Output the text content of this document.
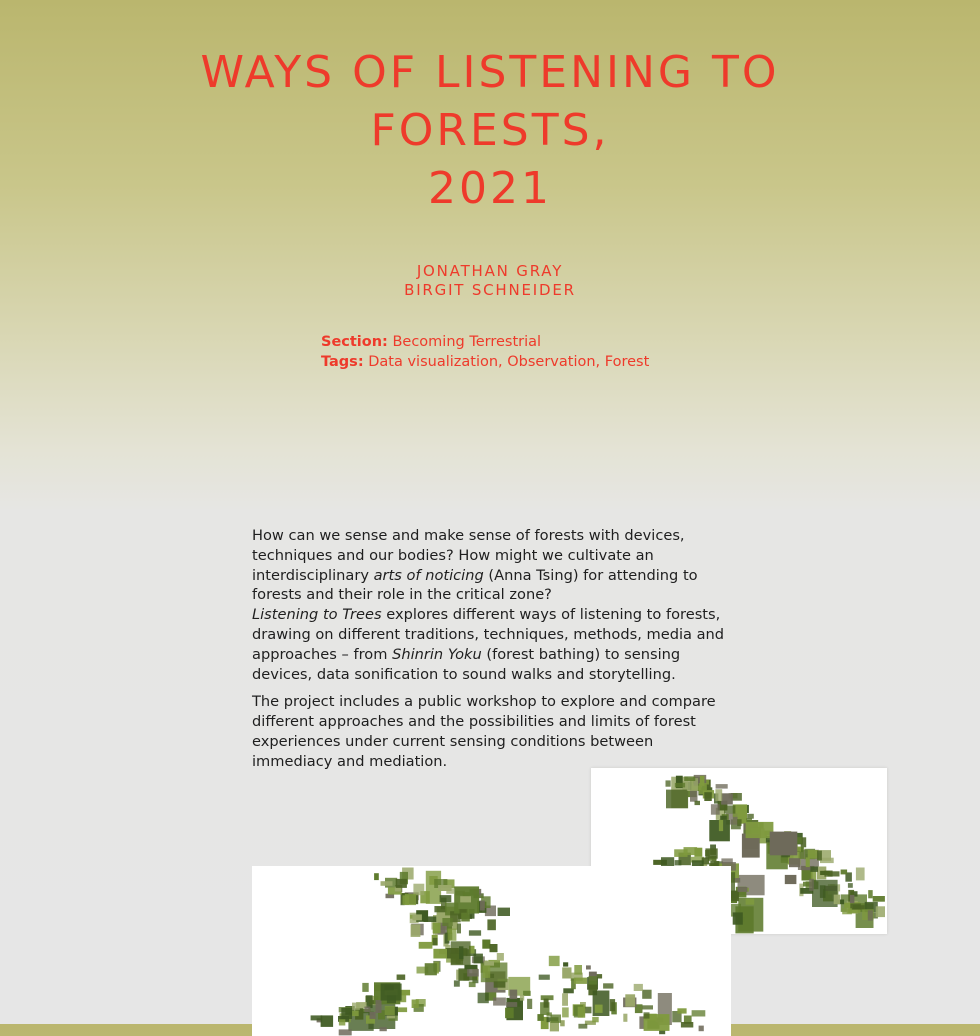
WAYS OF LISTENING TO
FORESTS,
2021
JONATHAN GRAY
BIRGIT SCHNEIDER
Section: Becoming Terrestrial
Tags: Data visualization, Observation, Forest

How can we sense and make sense of forests with devices, techniques and our bodies? How might we cultivate an interdisciplinary arts of noticing (Anna Tsing) for attending to forests and their role in the critical zone?
Listening to Trees explores different ways of listening to forests, drawing on different traditions, techniques, methods, media and approaches – from Shinrin Yoku (forest bathing) to sensing devices, data sonification to sound walks and storytelling.

The project includes a public workshop to explore and compare different approaches and the possibilities and limits of forest experiences under current sensing conditions between immediacy and mediation.
